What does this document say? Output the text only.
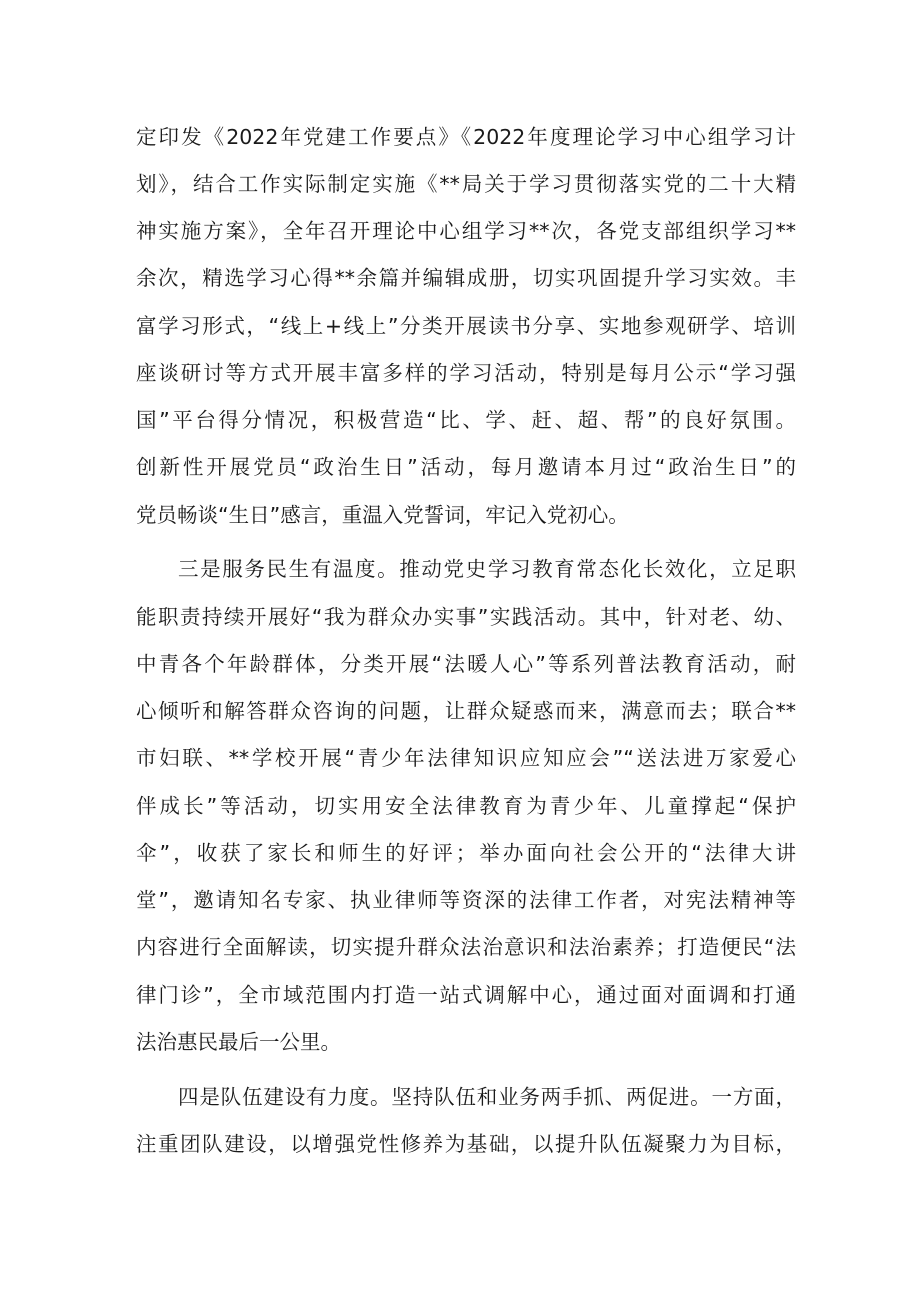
定印发《2022年党建工作要点》《2022年度理论学习中心组学习计
划》，结合工作实际制定实施《**局关于学习贯彻落实党的二十大精
神实施方案》，全年召开理论中心组学习**次，各党支部组织学习**
余次，精选学习心得**余篇并编辑成册，切实巩固提升学习实效。丰
富学习形式，“线上+线上”分类开展读书分享、实地参观研学、培训
座谈研讨等方式开展丰富多样的学习活动，特别是每月公示“学习强
国”平台得分情况，积极营造“比、学、赶、超、帮”的良好氛围。
创新性开展党员“政治生日”活动，每月邀请本月过“政治生日”的
党员畅谈“生日”感言，重温入党誓词，牢记入党初心。
三是服务民生有温度。推动党史学习教育常态化长效化，立足职
能职责持续开展好“我为群众办实事”实践活动。其中，针对老、幼、
中青各个年龄群体，分类开展“法暖人心”等系列普法教育活动，耐
心倾听和解答群众咨询的问题，让群众疑惑而来，满意而去；联合**
市妇联、**学校开展“青少年法律知识应知应会”“送法进万家爱心
伴成长”等活动，切实用安全法律教育为青少年、儿童撑起“保护
伞”，收获了家长和师生的好评；举办面向社会公开的“法律大讲
堂”，邀请知名专家、执业律师等资深的法律工作者，对宪法精神等
内容进行全面解读，切实提升群众法治意识和法治素养；打造便民“法
律门诊”，全市域范围内打造一站式调解中心，通过面对面调和打通
法治惠民最后一公里。
四是队伍建设有力度。坚持队伍和业务两手抓、两促进。一方面，
注重团队建设，以增强党性修养为基础，以提升队伍凝聚力为目标，
